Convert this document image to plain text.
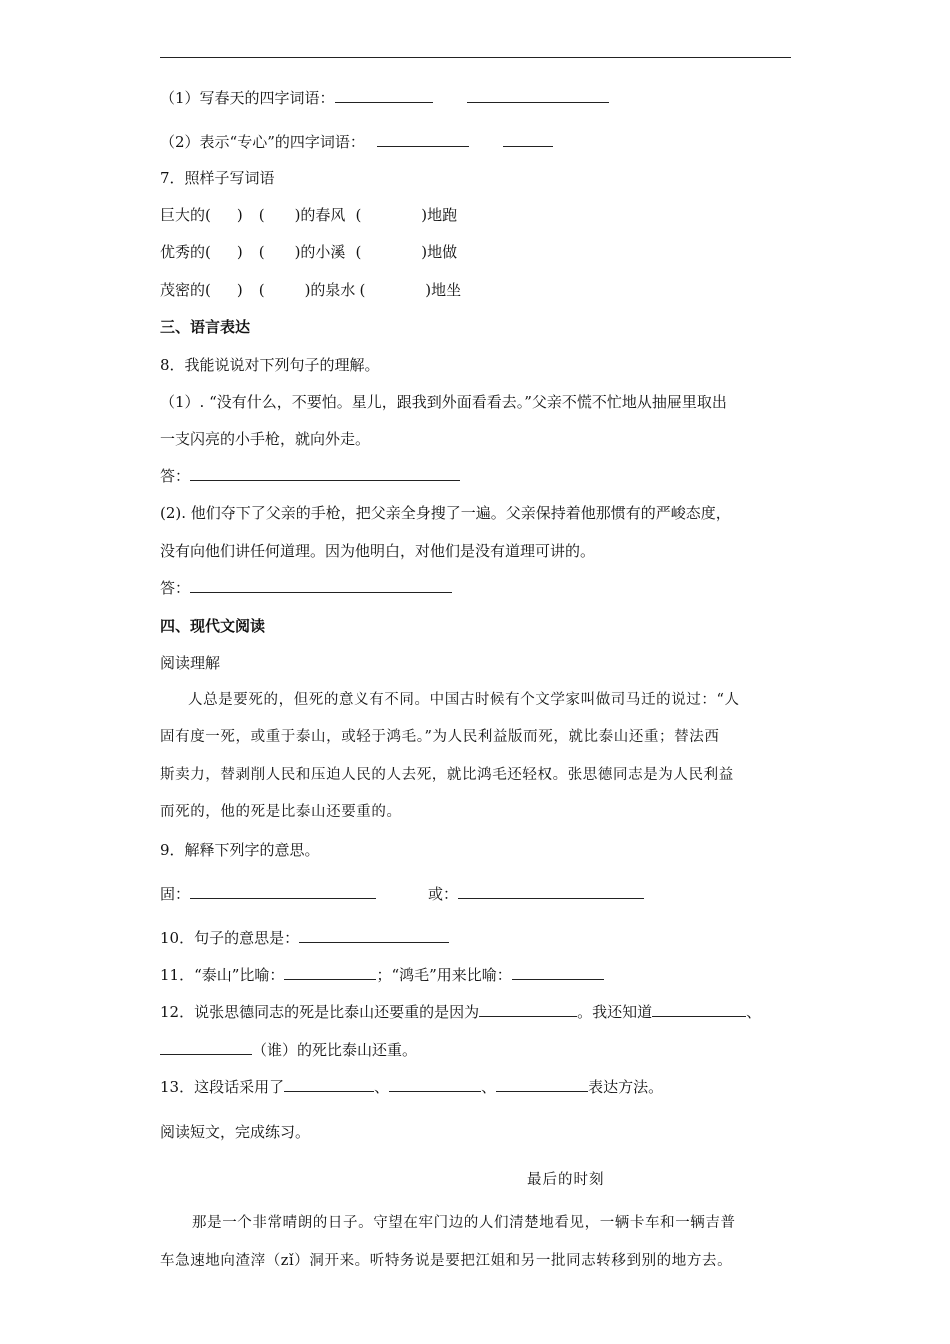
（1）写春天的四字词语：
（2）表示“专心”的四字词语：
7．照样子写词语
巨大的( ) ( )的春风 (	)地跑
优秀的( ) ( )的小溪 (	)地做
茂密的( ) (	)的泉水 (	)地坐
三、语言表达
8．我能说说对下列句子的理解。
（1）. “没有什么，不要怕。星儿，跟我到外面看看去。”父亲不慌不忙地从抽屉里取出
一支闪亮的小手枪，就向外走。
答：
(2). 他们夺下了父亲的手枪，把父亲全身搜了一遍。父亲保持着他那惯有的严峻态度，
没有向他们讲任何道理。因为他明白，对他们是没有道理可讲的。
答：
四、现代文阅读
阅读理解
人总是要死的，但死的意义有不同。中国古时候有个文学家叫做司马迁的说过：“人
固有度一死，或重于泰山，或轻于鸿毛。”为人民利益版而死，就比泰山还重；替法西
斯卖力，替剥削人民和压迫人民的人去死，就比鸿毛还轻权。张思德同志是为人民利益
而死的，他的死是比泰山还要重的。
9．解释下列字的意思。
固：	或：
10．句子的意思是：
11．“泰山”比喻：	；“鸿毛”用来比喻：
12．说张思德同志的死是比泰山还要重的是因为	。我还知道	、
（谁）的死比泰山还重。
13．这段话采用了	、	、	表达方法。
阅读短文，完成练习。
最后的时刻
那是一个非常晴朗的日子。守望在牢门边的人们清楚地看见，一辆卡车和一辆吉普
车急速地向渣滓（zǐ）洞开来。听特务说是要把江姐和另一批同志转移到别的地方去。
